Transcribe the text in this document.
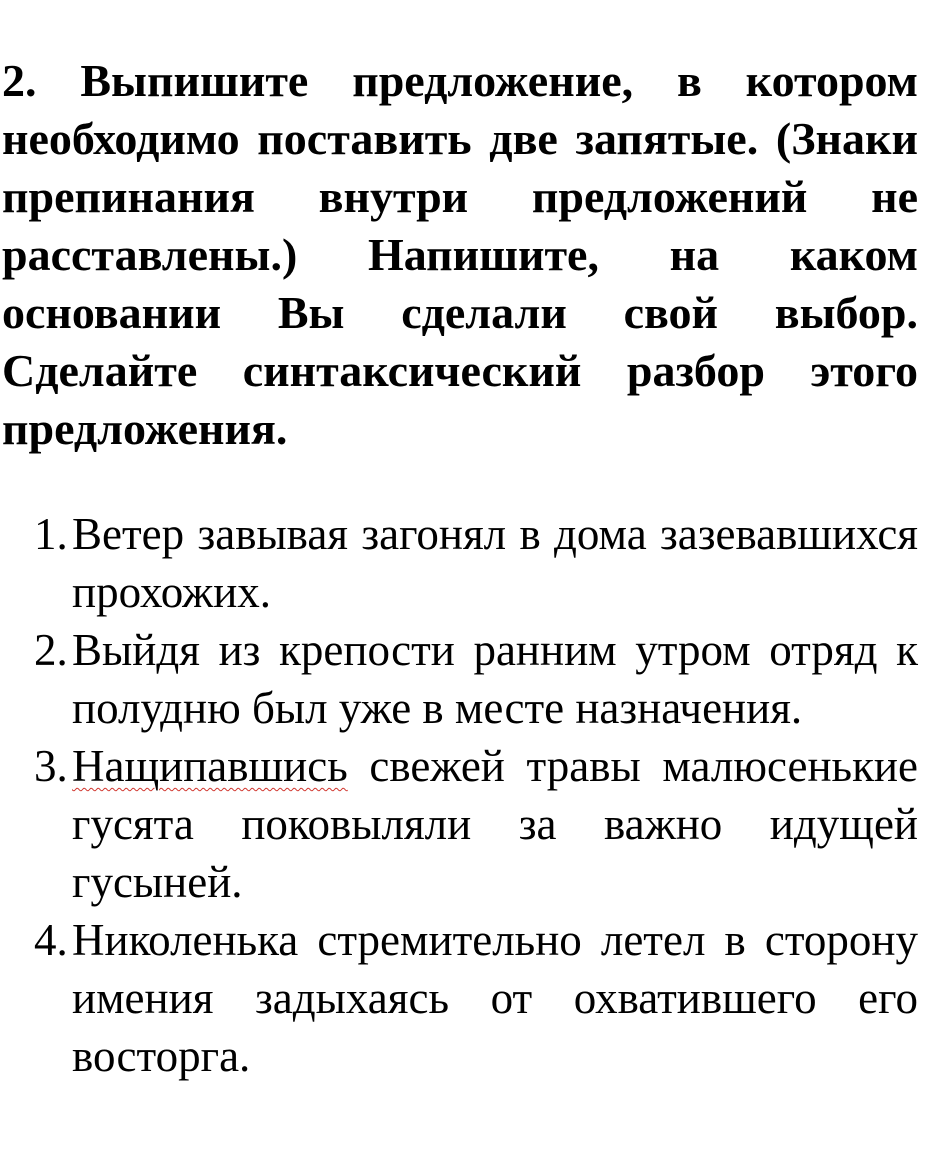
2. Выпишите предложение, в котором необходимо поставить две запятые. (Знаки препинания внутри предложений не расставлены.) Напишите, на каком основании Вы сделали свой выбор. Сделайте синтаксический разбор этого предложения.

1. Ветер завывая загонял в дома зазевавшихся прохожих.
2. Выйдя из крепости ранним утром отряд к полудню был уже в месте назначения.
3. Нащипавшись свежей травы малюсенькие гусята поковыляли за важно идущей гусыней.
4. Николенька стремительно летел в сторону имения задыхаясь от охватившего его восторга.
